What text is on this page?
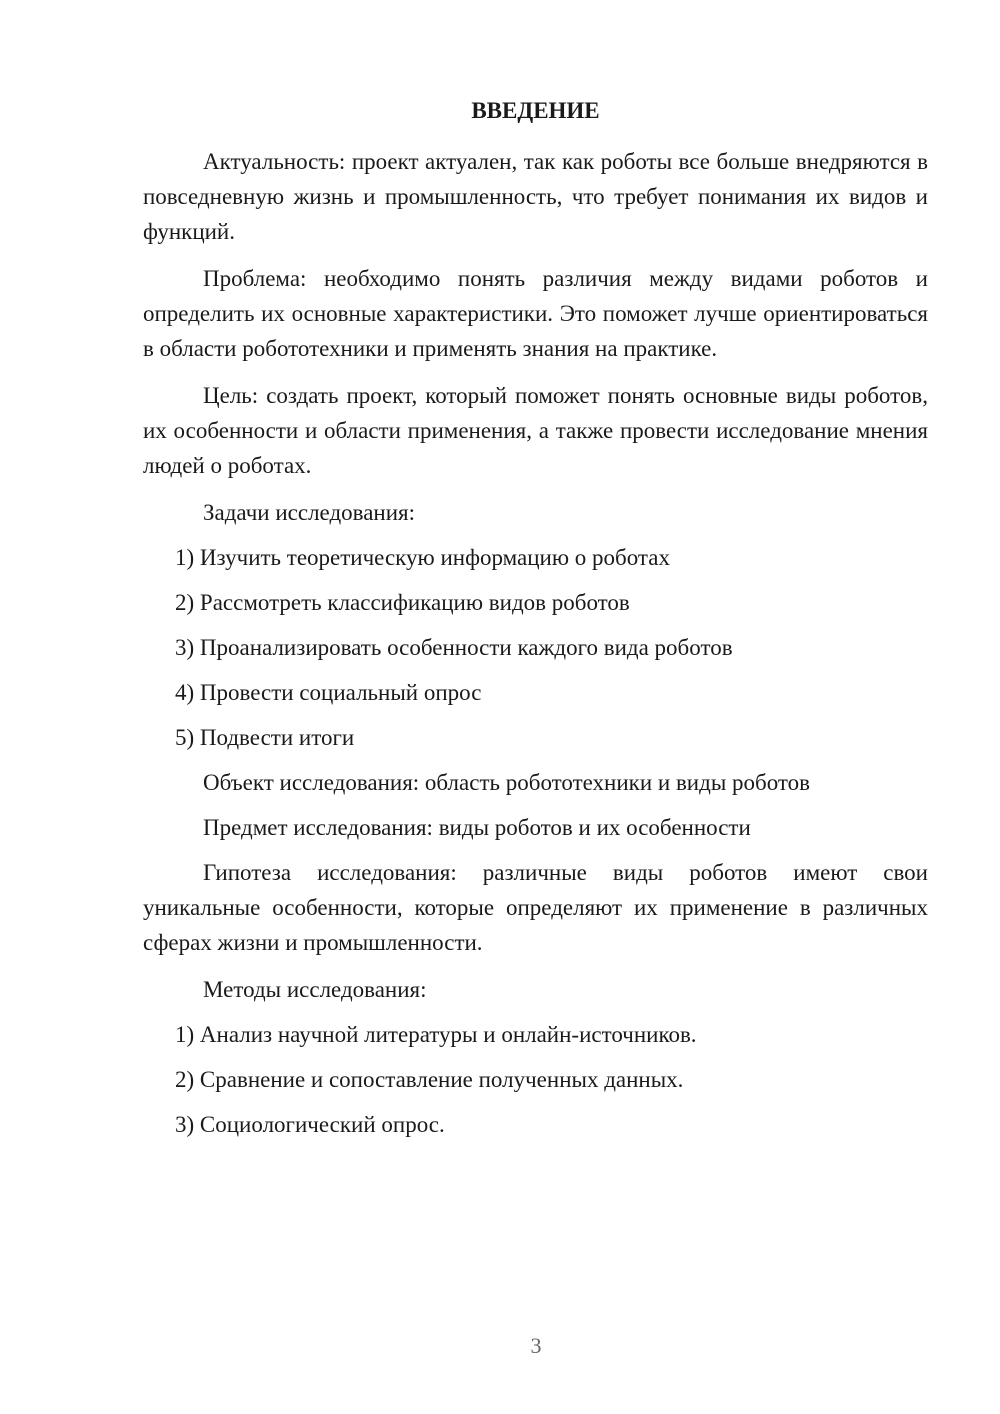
ВВЕДЕНИЕ
Актуальность: проект актуален, так как роботы все больше внедряются в повседневную жизнь и промышленность, что требует понимания их видов и функций.
Проблема: необходимо понять различия между видами роботов и определить их основные характеристики. Это поможет лучше ориентироваться в области робототехники и применять знания на практике.
Цель: создать проект, который поможет понять основные виды роботов, их особенности и области применения, а также провести исследование мнения людей о роботах.
Задачи исследования:
1) Изучить теоретическую информацию о роботах
2) Рассмотреть классификацию видов роботов
3) Проанализировать особенности каждого вида роботов
4) Провести социальный опрос
5) Подвести итоги
Объект исследования: область робототехники и виды роботов
Предмет исследования: виды роботов и их особенности
Гипотеза исследования: различные виды роботов имеют свои уникальные особенности, которые определяют их применение в различных сферах жизни и промышленности.
Методы исследования:
1) Анализ научной литературы и онлайн-источников.
2) Сравнение и сопоставление полученных данных.
3) Социологический опрос.
3
